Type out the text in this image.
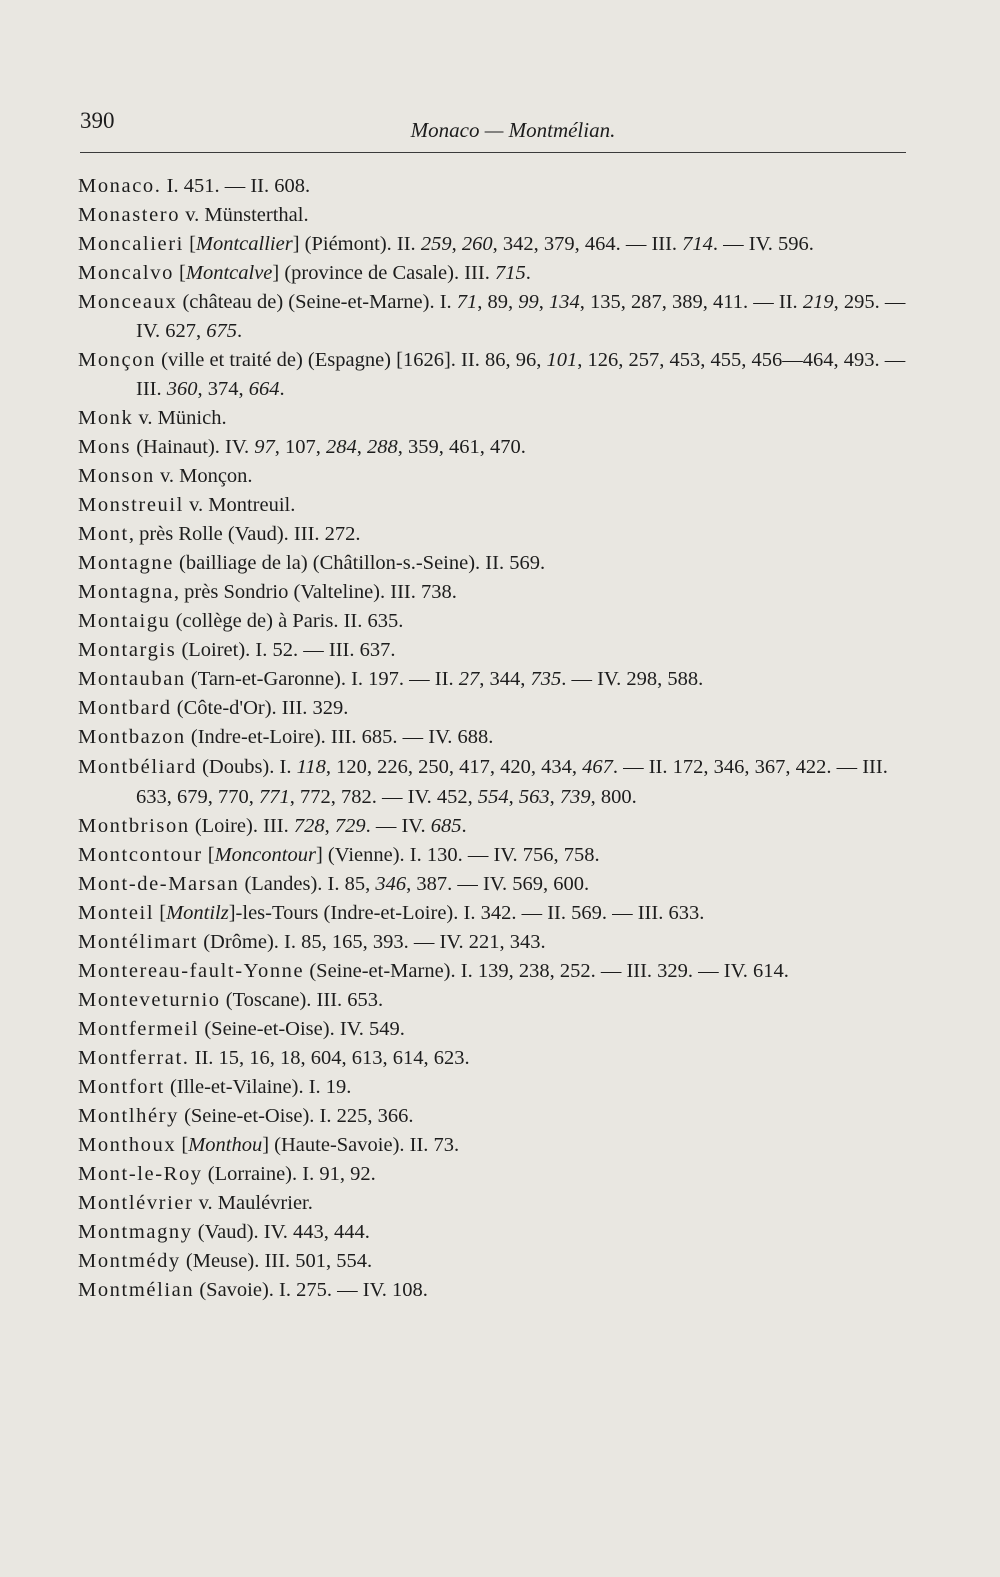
390	Monaco — Montmélian.

Monaco. I. 451. — II. 608.

Monastero v. Münsterthal.

Moncalieri [Montcallier] (Piémont). II. 259, 260, 342, 379, 464. — III. 714. — IV. 596.

Moncalvo [Montcalve] (province de Casale). III. 715.

Monceaux (château de) (Seine-et-Marne). I. 71, 89, 99, 134, 135, 287, 389, 411. — II. 219, 295. — IV. 627, 675.

Monçon (ville et traité de) (Espagne) [1626]. II. 86, 96, 101, 126, 257, 453, 455, 456—464, 493. — III. 360, 374, 664.

Monk v. Münich.

Mons (Hainaut). IV. 97, 107, 284, 288, 359, 461, 470.

Monson v. Monçon.

Monstreuil v. Montreuil.

Mont, près Rolle (Vaud). III. 272.

Montagne (bailliage de la) (Châtillon-s.-Seine). II. 569.

Montagna, près Sondrio (Valteline). III. 738.

Montaigu (collège de) à Paris. II. 635.

Montargis (Loiret). I. 52. — III. 637.

Montauban (Tarn-et-Garonne). I. 197. — II. 27, 344, 735. — IV. 298, 588.

Montbard (Côte-d'Or). III. 329.

Montbazon (Indre-et-Loire). III. 685. — IV. 688.

Montbéliard (Doubs). I. 118, 120, 226, 250, 417, 420, 434, 467. — II. 172, 346, 367, 422. — III. 633, 679, 770, 771, 772, 782. — IV. 452, 554, 563, 739, 800.

Montbrison (Loire). III. 728, 729. — IV. 685.

Montcontour [Moncontour] (Vienne). I. 130. — IV. 756, 758.

Mont-de-Marsan (Landes). I. 85, 346, 387. — IV. 569, 600.

Monteil [Montilz]-les-Tours (Indre-et-Loire). I. 342. — II. 569. — III. 633.

Montélimart (Drôme). I. 85, 165, 393. — IV. 221, 343.

Montereau-fault-Yonne (Seine-et-Marne). I. 139, 238, 252. — III. 329. — IV. 614.

Monteveturnio (Toscane). III. 653.

Montfermeil (Seine-et-Oise). IV. 549.

Montferrat. II. 15, 16, 18, 604, 613, 614, 623.

Montfort (Ille-et-Vilaine). I. 19.

Montlhéry (Seine-et-Oise). I. 225, 366.

Monthoux [Monthou] (Haute-Savoie). II. 73.

Mont-le-Roy (Lorraine). I. 91, 92.

Montlévrier v. Maulévrier.

Montmagny (Vaud). IV. 443, 444.

Montmédy (Meuse). III. 501, 554.

Montmélian (Savoie). I. 275. — IV. 108.
